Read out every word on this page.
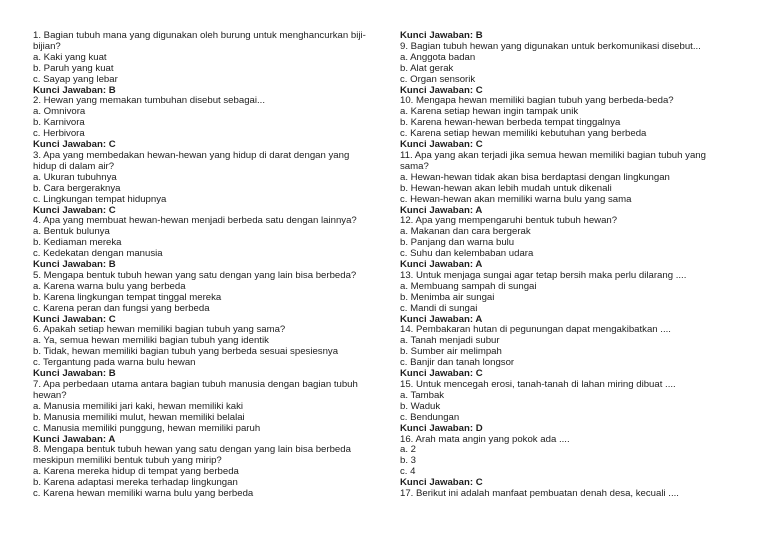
1. Bagian tubuh mana yang digunakan oleh burung untuk menghancurkan biji-
bijian?
a. Kaki yang kuat
b. Paruh yang kuat
c. Sayap yang lebar
Kunci Jawaban: B
2. Hewan yang memakan tumbuhan disebut sebagai...
a. Omnivora
b. Karnivora
c. Herbivora
Kunci Jawaban: C
3. Apa yang membedakan hewan-hewan yang hidup di darat dengan yang
hidup di dalam air?
a. Ukuran tubuhnya
b. Cara bergeraknya
c. Lingkungan tempat hidupnya
Kunci Jawaban: C
4. Apa yang membuat hewan-hewan menjadi berbeda satu dengan lainnya?
a. Bentuk bulunya
b. Kediaman mereka
c. Kedekatan dengan manusia
Kunci Jawaban: B
5. Mengapa bentuk tubuh hewan yang satu dengan yang lain bisa berbeda?
a. Karena warna bulu yang berbeda
b. Karena lingkungan tempat tinggal mereka
c. Karena peran dan fungsi yang berbeda
Kunci Jawaban: C
6. Apakah setiap hewan memiliki bagian tubuh yang sama?
a. Ya, semua hewan memiliki bagian tubuh yang identik
b. Tidak, hewan memiliki bagian tubuh yang berbeda sesuai spesiesnya
c. Tergantung pada warna bulu hewan
Kunci Jawaban: B
7. Apa perbedaan utama antara bagian tubuh manusia dengan bagian tubuh
hewan?
a. Manusia memiliki jari kaki, hewan memiliki kaki
b. Manusia memiliki mulut, hewan memiliki belalai
c. Manusia memiliki punggung, hewan memiliki paruh
Kunci Jawaban: A
8. Mengapa bentuk tubuh hewan yang satu dengan yang lain bisa berbeda
meskipun memiliki bentuk tubuh yang mirip?
a. Karena mereka hidup di tempat yang berbeda
b. Karena adaptasi mereka terhadap lingkungan
c. Karena hewan memiliki warna bulu yang berbeda
Kunci Jawaban: B
9. Bagian tubuh hewan yang digunakan untuk berkomunikasi disebut...
a. Anggota badan
b. Alat gerak
c. Organ sensorik
Kunci Jawaban: C
10. Mengapa hewan memiliki bagian tubuh yang berbeda-beda?
a. Karena setiap hewan ingin tampak unik
b. Karena hewan-hewan berbeda tempat tinggalnya
c. Karena setiap hewan memiliki kebutuhan yang berbeda
Kunci Jawaban: C
11. Apa yang akan terjadi jika semua hewan memiliki bagian tubuh yang
sama?
a. Hewan-hewan tidak akan bisa berdaptasi dengan lingkungan
b. Hewan-hewan akan lebih mudah untuk dikenali
c. Hewan-hewan akan memiliki warna bulu yang sama
Kunci Jawaban: A
12. Apa yang mempengaruhi bentuk tubuh hewan?
a. Makanan dan cara bergerak
b. Panjang dan warna bulu
c. Suhu dan kelembaban udara
Kunci Jawaban: A
13. Untuk menjaga sungai agar tetap bersih maka perlu dilarang ....
a. Membuang sampah di sungai
b. Menimba air sungai
c. Mandi di sungai
Kunci Jawaban: A
14. Pembakaran hutan di pegunungan dapat mengakibatkan ....
a. Tanah menjadi subur
b. Sumber air melimpah
c. Banjir dan tanah longsor
Kunci Jawaban: C
15. Untuk mencegah erosi, tanah-tanah di lahan miring dibuat ....
a. Tambak
b. Waduk
c. Bendungan
Kunci Jawaban: D
16. Arah mata angin yang pokok ada ....
a. 2
b. 3
c. 4
Kunci Jawaban: C
17. Berikut ini adalah manfaat pembuatan denah desa, kecuali ....
